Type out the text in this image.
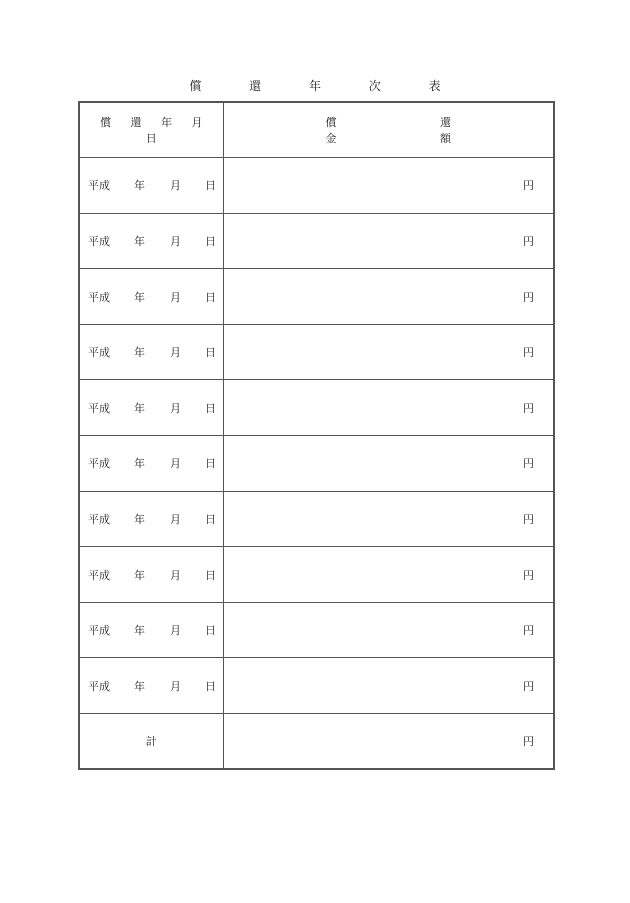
償 還 年 次 表
償 還 年 月 日	償 還 金 額

平成 年 月 日	円

平成 年 月 日	円

平成 年 月 日	円

平成 年 月 日	円

平成 年 月 日	円

平成 年 月 日	円

平成 年 月 日	円

平成 年 月 日	円

平成 年 月 日	円

平成 年 月 日	円
計	円
